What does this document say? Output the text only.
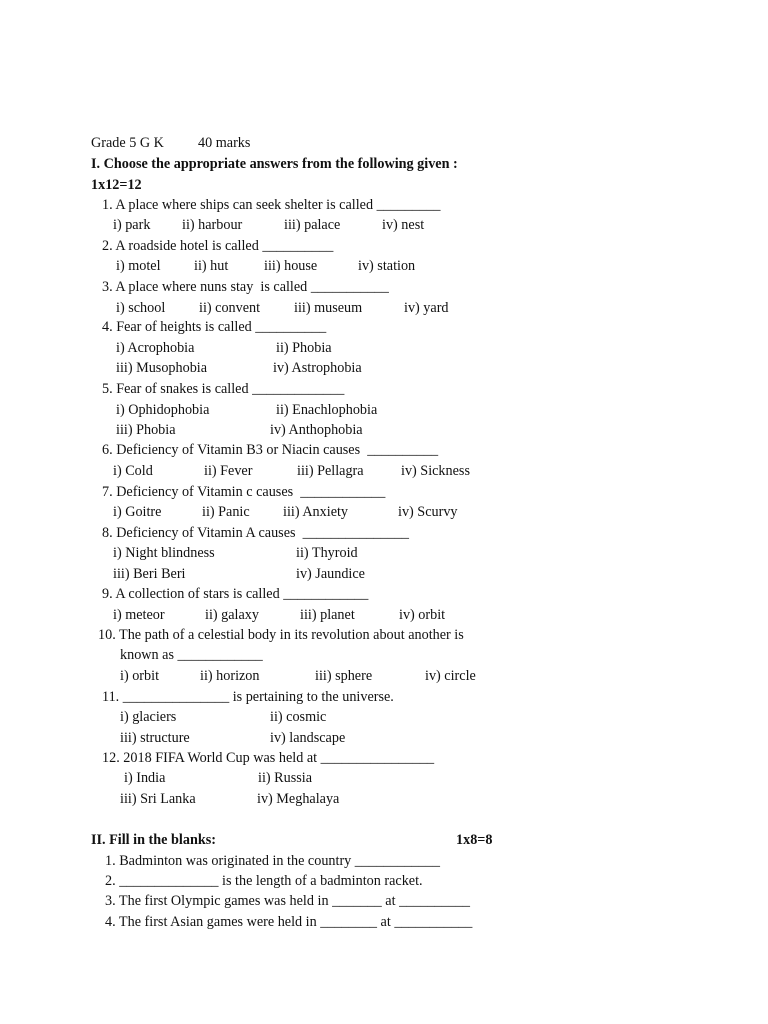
Grade 5 G K 40 marks
I. Choose the appropriate answers from the following given :
1x12=12
1. A place where ships can seek shelter is called _________
i) park ii) harbour	iii) palace	iv) nest
2. A roadside hotel is called __________
i) motel ii) hut	iii) house	iv) station
3. A place where nuns stay  is called ___________
i) school ii) convent iii) museum	iv) yard
4. Fear of heights is called __________
i) Acrophobia	ii) Phobia
iii) Musophobia	iv) Astrophobia
5. Fear of snakes is called _____________
i) Ophidophobia	ii) Enachlophobia
iii) Phobia	iv) Anthophobia
6. Deficiency of Vitamin B3 or Niacin causes  __________
i) Cold	ii) Fever	iii) Pellagra	iv) Sickness
7. Deficiency of Vitamin c causes  ____________
i) Goitre	ii) Panic iii) Anxiety	iv) Scurvy
8. Deficiency of Vitamin A causes  _______________
i) Night blindness	ii) Thyroid
iii) Beri Beri	iv) Jaundice
9. A collection of stars is called ____________
i) meteor	ii) galaxy	iii) planet	iv) orbit
10. The path of a celestial body in its revolution about another is
known as ____________
i) orbit	ii) horizon	iii) sphere	iv) circle
11. _______________ is pertaining to the universe.
i) glaciers	ii) cosmic
iii) structure	iv) landscape
12. 2018 FIFA World Cup was held at ________________
i) India	ii) Russia
iii) Sri Lanka	iv) Meghalaya
II. Fill in the blanks:	1x8=8
1. Badminton was originated in the country ____________
2. ______________ is the length of a badminton racket.
3. The first Olympic games was held in _______ at __________
4. The first Asian games were held in ________ at ___________
